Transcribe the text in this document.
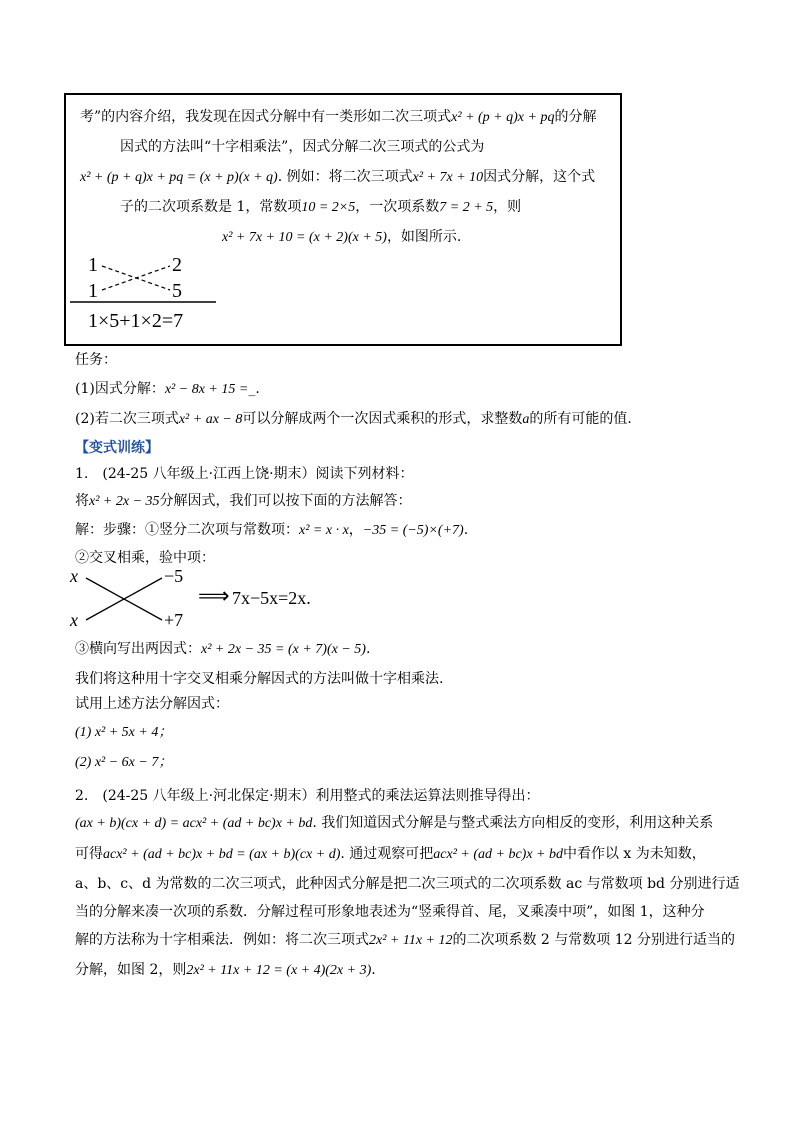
考”的内容介绍，我发现在因式分解中有一类形如二次三项式x² + (p + q)x + pq的分解
因式的方法叫“十字相乘法”，因式分解二次三项式的公式为
x² + (p + q)x + pq = (x + p)(x + q). 例如：将二次三项式x² + 7x + 10因式分解，这个式
子的二次项系数是 1，常数项10 = 2×5，一次项系数7 = 2 + 5，则
x² + 7x + 10 = (x + 2)(x + 5)，如图所示.
1	2
1	5
1×5+1×2=7
任务：
(1)因式分解：x² − 8x + 15 =_.
(2)若二次三项式x² + ax − 8可以分解成两个一次因式乘积的形式，求整数a的所有可能的值.
【变式训练】
1.　(24-25 八年级上·江西上饶·期末）阅读下列材料：
将x² + 2x − 35分解因式，我们可以按下面的方法解答：
解：步骤：①竖分二次项与常数项：x² = x · x，−35 = (−5)×(+7).
②交叉相乘，验中项：
x	−5
x	+7
⟹ 7x−5x=2x.
③横向写出两因式：x² + 2x − 35 = (x + 7)(x − 5).
我们将这种用十字交叉相乘分解因式的方法叫做十字相乘法.
试用上述方法分解因式：
(1) x² + 5x + 4；
(2) x² − 6x − 7；
2.　(24-25 八年级上·河北保定·期末）利用整式的乘法运算法则推导得出：
(ax + b)(cx + d) = acx² + (ad + bc)x + bd. 我们知道因式分解是与整式乘法方向相反的变形，利用这种关系
可得acx² + (ad + bc)x + bd = (ax + b)(cx + d). 通过观察可把acx² + (ad + bc)x + bd中看作以 x 为未知数，
a、b、c、d 为常数的二次三项式，此种因式分解是把二次三项式的二次项系数 ac 与常数项 bd 分别进行适
当的分解来凑一次项的系数．分解过程可形象地表述为“竖乘得首、尾，叉乘凑中项”，如图 1，这种分
解的方法称为十字相乘法．例如：将二次三项式2x² + 11x + 12的二次项系数 2 与常数项 12 分别进行适当的
分解，如图 2，则2x² + 11x + 12 = (x + 4)(2x + 3).
